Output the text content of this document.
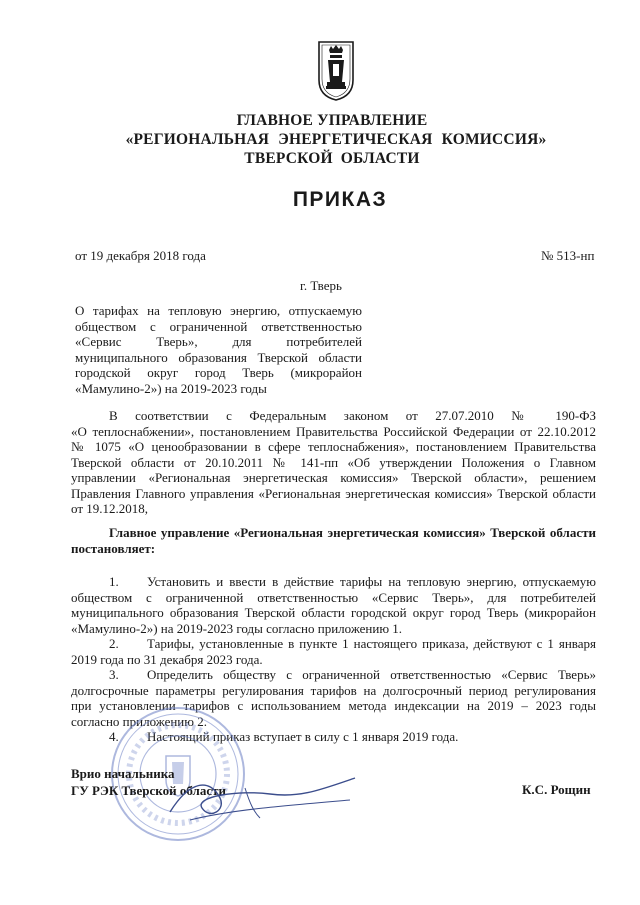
ГЛАВНОЕ УПРАВЛЕНИЕ
«РЕГИОНАЛЬНАЯ ЭНЕРГЕТИЧЕСКАЯ КОМИССИЯ»
ТВЕРСКОЙ ОБЛАСТИ
ПРИКАЗ
от 19 декабря 2018 года	№ 513-нп
г. Тверь
О тарифах на тепловую энергию, отпускаемую
обществом с ограниченной ответственностью
«Сервис Тверь», для потребителей
муниципального образования Тверской области
городской округ город Тверь (микрорайон
«Мамулино-2») на 2019-2023 годы
В соответствии с Федеральным законом от 27.07.2010 № 190-ФЗ
«О теплоснабжении», постановлением Правительства Российской Федерации от 22.10.2012
№ 1075 «О ценообразовании в сфере теплоснабжения», постановлением Правительства
Тверской области от 20.10.2011 № 141-пп «Об утверждении Положения о Главном
управлении «Региональная энергетическая комиссия» Тверской области», решением
Правления Главного управления «Региональная энергетическая комиссия» Тверской области
от 19.12.2018,
Главное управление «Региональная энергетическая комиссия» Тверской области
постановляет:
1. Установить и ввести в действие тарифы на тепловую энергию, отпускаемую
обществом с ограниченной ответственностью «Сервис Тверь», для потребителей
муниципального образования Тверской области городской округ город Тверь (микрорайон
«Мамулино-2») на 2019-2023 годы согласно приложению 1.
2. Тарифы, установленные в пункте 1 настоящего приказа, действуют с 1 января
2019 года по 31 декабря 2023 года.
3. Определить обществу с ограниченной ответственностью «Сервис Тверь»
долгосрочные параметры регулирования тарифов на долгосрочный период регулирования
при установлении тарифов с использованием метода индексации на 2019 – 2023 годы
согласно приложению 2.
4. Настоящий приказ вступает в силу с 1 января 2019 года.
Врио начальника
ГУ РЭК Тверской области	К.С. Рощин
